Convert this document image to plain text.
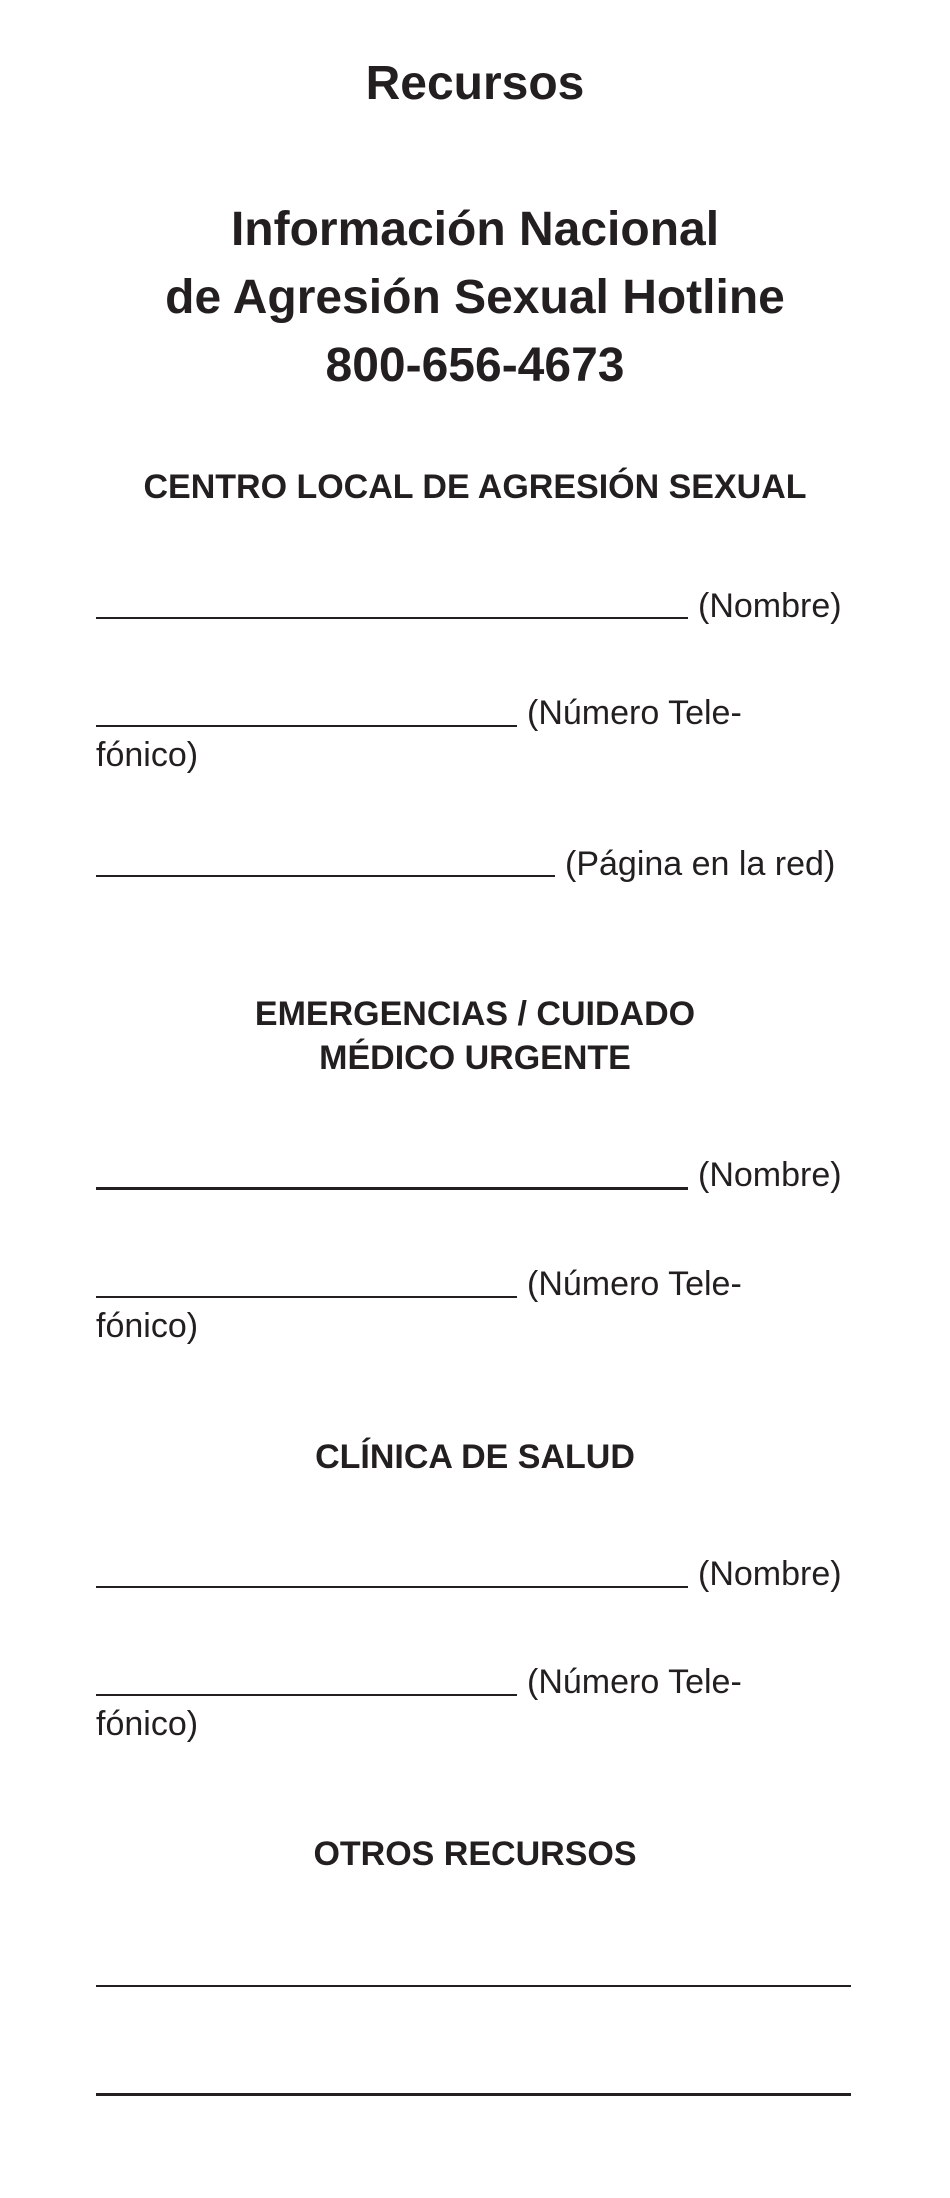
Recursos
Información Nacional
de Agresión Sexual Hotline
800-656-4673
CENTRO LOCAL DE AGRESIÓN SEXUAL
(Nombre)
(Número Tele-
fónico)
(Página en la red)
EMERGENCIAS / CUIDADO
MÉDICO URGENTE
(Nombre)
(Número Tele-
fónico)
CLÍNICA DE SALUD
(Nombre)
(Número Tele-
fónico)
OTROS RECURSOS
